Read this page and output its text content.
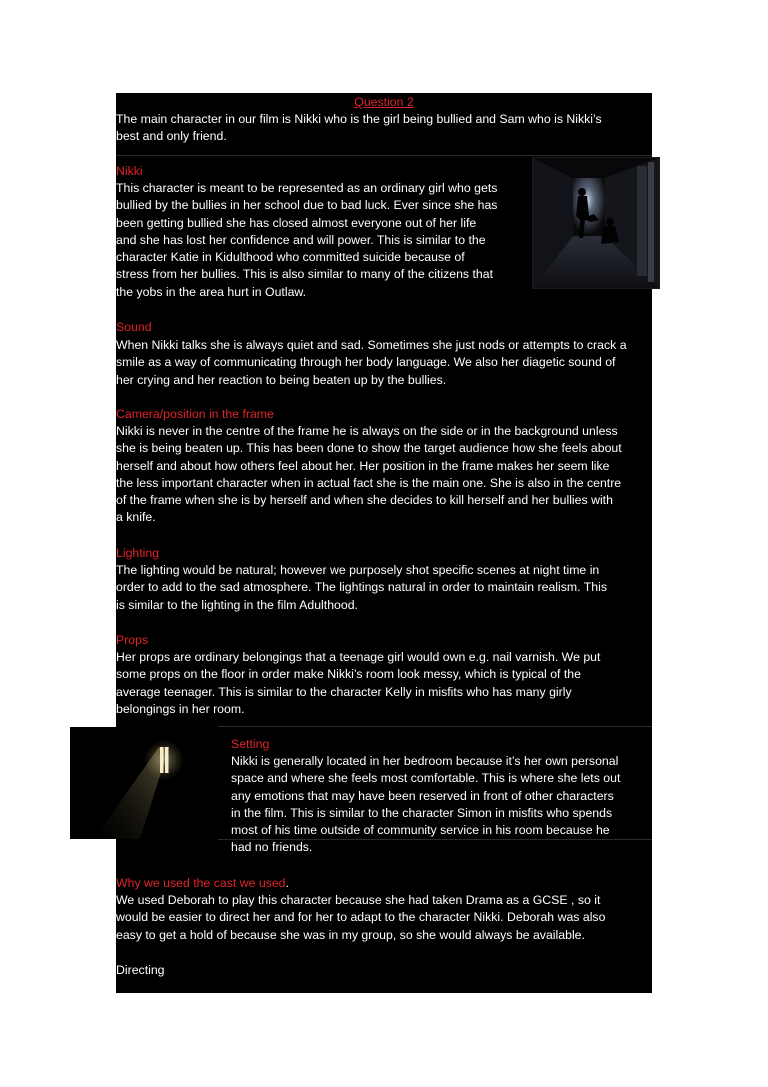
Question 2

The main character in our film is Nikki who is the girl being bullied and Sam who is Nikki’s
best and only friend.

Nikki

This character is meant to be represented as an ordinary girl who gets
bullied by the bullies in her school due to bad luck. Ever since she has
been getting bullied she has closed almost everyone out of her life
and she has lost her confidence and will power. This is similar to the
character Katie in Kidulthood who committed suicide because of
stress from her bullies. This is also similar to many of the citizens that
the yobs in the area hurt in Outlaw.

Sound

When Nikki talks she is always quiet and sad. Sometimes she just nods or attempts to crack a
smile as a way of communicating through her body language. We also her diagetic sound of
her crying and her reaction to being beaten up by the bullies.

Camera/position in the frame

Nikki is never in the centre of the frame he is always on the side or in the background unless
she is being beaten up. This has been done to show the target audience how she feels about
herself and about how others feel about her. Her position in the frame makes her seem like
the less important character when in actual fact she is the main one. She is also in the centre
of the frame when she is by herself and when she decides to kill herself and her bullies with
a knife.

Lighting

The lighting would be natural; however we purposely shot specific scenes at night time in
order to add to the sad atmosphere. The lightings natural in order to maintain realism. This
is similar to the lighting in the film Adulthood.

Props

Her props are ordinary belongings that a teenage girl would own e.g. nail varnish. We put
some props on the floor in order make Nikki’s room look messy, which is typical of the
average teenager. This is similar to the character Kelly in misfits who has many girly
belongings in her room.

Setting

Nikki is generally located in her bedroom because it’s her own personal
space and where she feels most comfortable. This is where she lets out
any emotions that may have been reserved in front of other characters
in the film. This is similar to the character Simon in misfits who spends
most of his time outside of community service in his room because he
had no friends.

Why we used the cast we used.

We used Deborah to play this character because she had taken Drama as a GCSE , so it
would be easier to direct her and for her to adapt to the character Nikki. Deborah was also
easy to get a hold of because she was in my group, so she would always be available.

Directing
